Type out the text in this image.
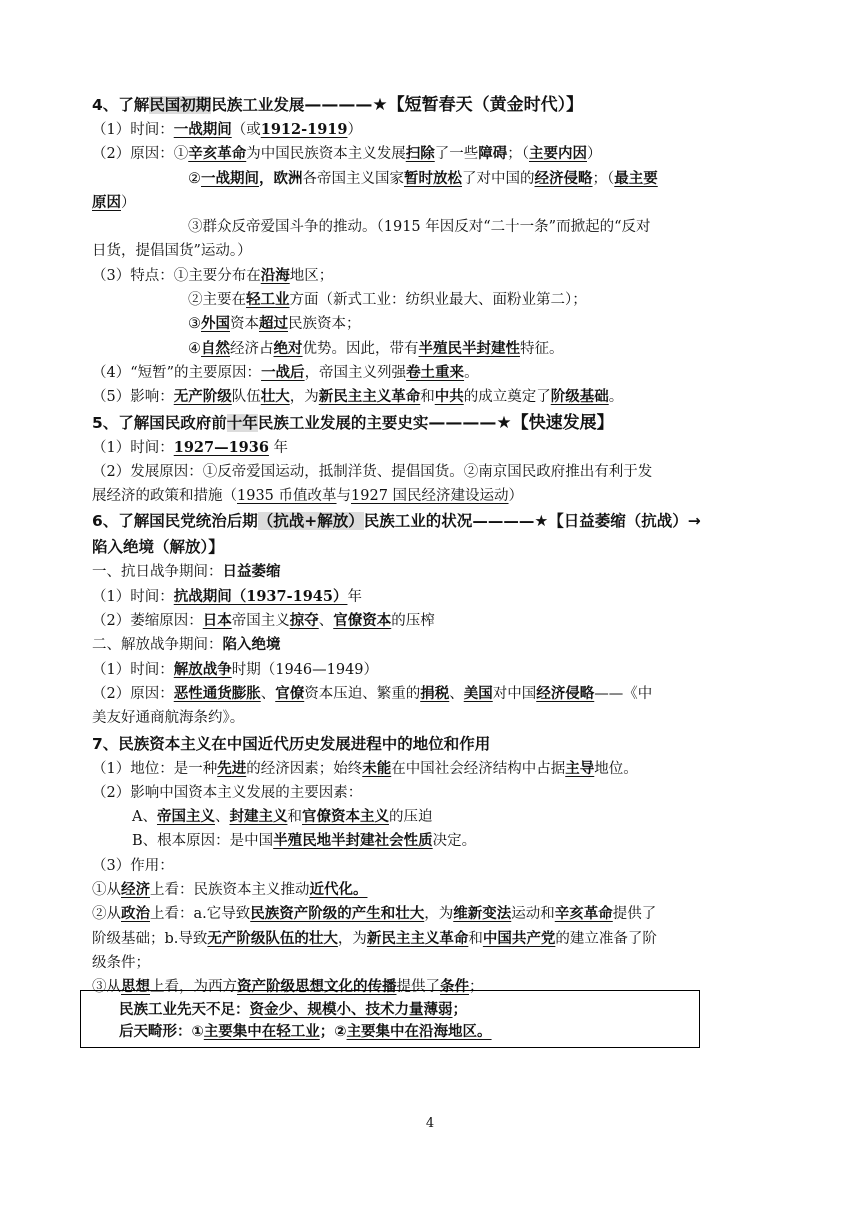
4、了解民国初期民族工业发展————★【短暂春天（黄金时代）】
（1）时间：一战期间（或1912-1919）
（2）原因：①辛亥革命为中国民族资本主义发展扫除了一些障碍；（主要内因）
②一战期间，欧洲各帝国主义国家暂时放松了对中国的经济侵略；（最主要
原因）
③群众反帝爱国斗争的推动。（1915 年因反对“二十一条”而掀起的“反对
日货，提倡国货”运动。）
（3）特点：①主要分布在沿海地区；
②主要在轻工业方面（新式工业：纺织业最大、面粉业第二）；
③外国资本超过民族资本；
④自然经济占绝对优势。因此，带有半殖民半封建性特征。
（4）“短暂”的主要原因：一战后，帝国主义列强卷土重来。
（5）影响：无产阶级队伍壮大，为新民主主义革命和中共的成立奠定了阶级基础。
5、了解国民政府前十年民族工业发展的主要史实————★【快速发展】
（1）时间：1927—1936 年
（2）发展原因：①反帝爱国运动，抵制洋货、提倡国货。②南京国民政府推出有利于发
展经济的政策和措施（1935 币值改革与1927 国民经济建设运动）
6、了解国民党统治后期（抗战+解放）民族工业的状况————★【日益萎缩（抗战）→
陷入绝境（解放）】
一、抗日战争期间：日益萎缩
（1）时间：抗战期间（1937-1945）年
（2）萎缩原因：日本帝国主义掠夺、官僚资本的压榨
二、解放战争期间：陷入绝境
（1）时间：解放战争时期（1946—1949）
（2）原因：恶性通货膨胀、官僚资本压迫、繁重的捐税、美国对中国经济侵略——《中
美友好通商航海条约》。
7、民族资本主义在中国近代历史发展进程中的地位和作用
（1）地位：是一种先进的经济因素；始终未能在中国社会经济结构中占据主导地位。
（2）影响中国资本主义发展的主要因素：
A、帝国主义、封建主义和官僚资本主义的压迫
B、根本原因：是中国半殖民地半封建社会性质决定。
（3）作用：
①从经济上看：民族资本主义推动近代化。
②从政治上看：a.它导致民族资产阶级的产生和壮大，为维新变法运动和辛亥革命提供了
阶级基础；b.导致无产阶级队伍的壮大，为新民主主义革命和中国共产党的建立准备了阶
级条件；
③从思想上看，为西方资产阶级思想文化的传播提供了条件；
民族工业先天不足：资金少、规模小、技术力量薄弱；
后天畸形：①主要集中在轻工业；②主要集中在沿海地区。
4
